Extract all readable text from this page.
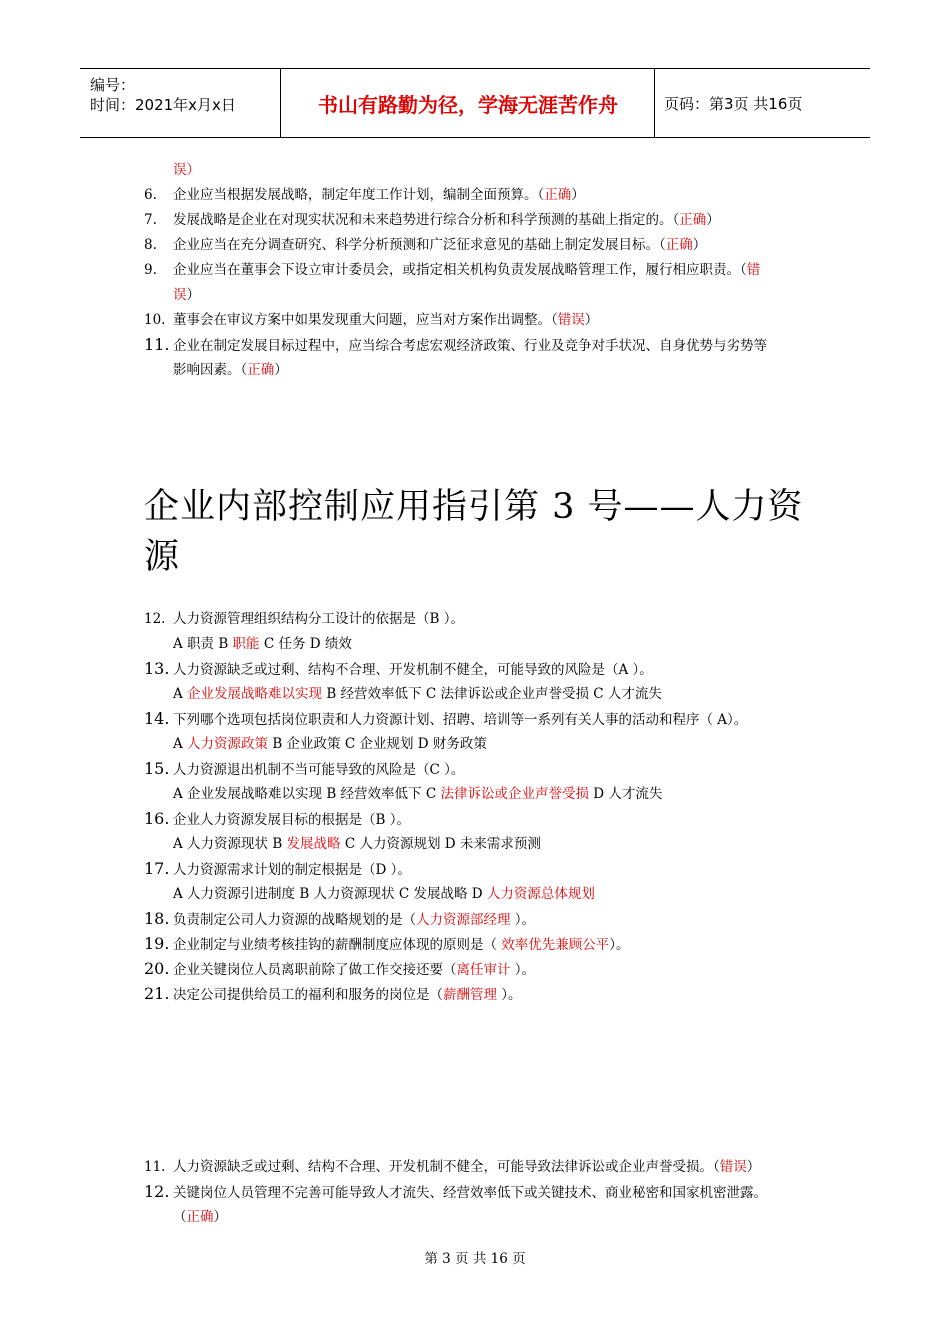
编号：
时间：2021年x月x日	书山有路勤为径，学海无涯苦作舟	页码：第3页 共16页
误）
6. 企业应当根据发展战略，制定年度工作计划，编制全面预算。（正确）
7. 发展战略是企业在对现实状况和未来趋势进行综合分析和科学预测的基础上指定的。（正确）
8. 企业应当在充分调查研究、科学分析预测和广泛征求意见的基础上制定发展目标。（正确）
9. 企业应当在董事会下设立审计委员会，或指定相关机构负责发展战略管理工作，履行相应职责。（错
误）
10. 董事会在审议方案中如果发现重大问题，应当对方案作出调整。（错误）
11. 企业在制定发展目标过程中，应当综合考虑宏观经济政策、行业及竞争对手状况、自身优势与劣势等
影响因素。（正确）
企业内部控制应用指引第 3 号——人力资源
12. 人力资源管理组织结构分工设计的依据是（B ）。
A 职责 B 职能 C 任务 D 绩效
13. 人力资源缺乏或过剩、结构不合理、开发机制不健全，可能导致的风险是（A ）。
A 企业发展战略难以实现 B 经营效率低下 C 法律诉讼或企业声誉受损 C 人才流失
14. 下列哪个选项包括岗位职责和人力资源计划、招聘、培训等一系列有关人事的活动和程序（ A）。
A 人力资源政策 B 企业政策 C 企业规划 D 财务政策
15. 人力资源退出机制不当可能导致的风险是（C ）。
A 企业发展战略难以实现 B 经营效率低下 C 法律诉讼或企业声誉受损 D 人才流失
16. 企业人力资源发展目标的根据是（B ）。
A 人力资源现状 B 发展战略 C 人力资源规划 D 未来需求预测
17. 人力资源需求计划的制定根据是（D ）。
A 人力资源引进制度 B 人力资源现状 C 发展战略 D 人力资源总体规划
18. 负责制定公司人力资源的战略规划的是（人力资源部经理 ）。
19. 企业制定与业绩考核挂钩的薪酬制度应体现的原则是（ 效率优先兼顾公平）。
20. 企业关键岗位人员离职前除了做工作交接还要（离任审计 ）。
21. 决定公司提供给员工的福利和服务的岗位是（薪酬管理 ）。
11. 人力资源缺乏或过剩、结构不合理、开发机制不健全，可能导致法律诉讼或企业声誉受损。（错误）
12. 关键岗位人员管理不完善可能导致人才流失、经营效率低下或关键技术、商业秘密和国家机密泄露。
（正确）
第 3 页 共 16 页
